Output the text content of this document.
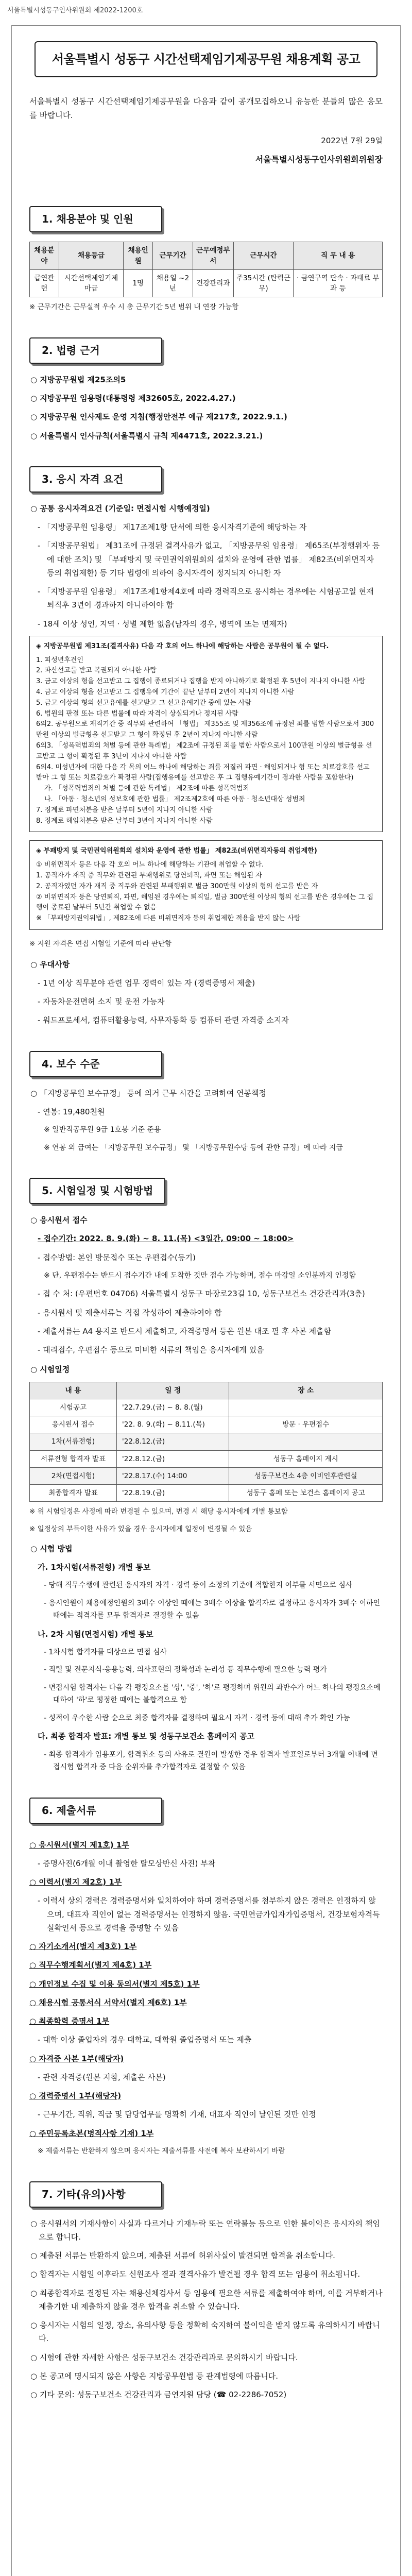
서울특별시성동구인사위원회 제2022-1200호
서울특별시 성동구 시간선택제임기제공무원 채용계획 공고

서울특별시 성동구 시간선택제임기제공무원을 다음과 같이 공개모집하오니 유능한 분들의 많은 응모를 바랍니다.

2022년 7월 29일

서울특별시성동구인사위원회위원장

1. 채용분야 및 인원
채용분야	채용등급	채용인원	근무기간	근무예정부서	근무시간	직 무 내 용
급연관련	시간선택제임기제 마급	1명	채용일 ~2년	건강관리과	주35시간 (탄력근무)	· 금연구역 단속 · 과태료 부과 등

※ 근무기간은 근무실적 우수 시 총 근무기간 5년 범위 내 연장 가능함

2. 법령 근거

○ 지방공무원법 제25조의5

○ 지방공무원 임용령(대통령령 제32605호, 2022.4.27.)

○ 지방공무원 인사제도 운영 지침(행정안전부 예규 제217호, 2022.9.1.)

○ 서울특별시 인사규칙(서울특별시 규칙 제4471호, 2022.3.21.)

3. 응시 자격 요건

○ 공통 응시자격요건 (기준일: 면접시험 시행예정일)

- 「지방공무원 임용령」 제17조제1항 단서에 의한 응시자격기준에 해당하는 자

- 「지방공무원법」 제31조에 규정된 결격사유가 없고, 「지방공무원 임용령」 제65조(부정행위자 등에 대한 조치) 및 「부패방지 및 국민권익위원회의 설치와 운영에 관한 법률」 제82조(비위면직자 등의 취업제한) 등 기타 법령에 의하여 응시자격이 정지되지 아니한 자

- 「지방공무원 임용령」 제17조제1항제4호에 따라 경력직으로 응시하는 경우에는 시험공고일 현재 퇴직후 3년이 경과하지 아니하여야 함

- 18세 이상 성인, 지역 · 성별 제한 없음(남자의 경우, 병역에 또는 면제자)

◈ 지방공무원법 제31조(결격사유) 다음 각 호의 어느 하나에 해당하는 사람은 공무원이 될 수 없다.
1. 피성년후견인
2. 파산선고를 받고 복권되지 아니한 사람
3. 금고 이상의 형을 선고받고 그 집행이 종료되거나 집행을 받지 아니하기로 확정된 후 5년이 지나지 아니한 사람
4. 금고 이상의 형을 선고받고 그 집행유예 기간이 끝난 날부터 2년이 지나지 아니한 사람
5. 금고 이상의 형의 선고유예를 선고받고 그 선고유예기간 중에 있는 사람
6. 법원의 판결 또는 다른 법률에 따라 자격이 상실되거나 정지된 사람
6의2. 공무원으로 재직기간 중 직무와 관련하여 「형법」 제355조 및 제356조에 규정된 죄를 범한 사람으로서 300만원 이상의 벌금형을 선고받고 그 형이 확정된 후 2년이 지나지 아니한 사람
6의3. 「성폭력범죄의 처벌 등에 관한 특례법」 제2조에 규정된 죄를 범한 사람으로서 100만원 이상의 벌금형을 선고받고 그 형이 확정된 후 3년이 지나지 아니한 사람
6의4. 미성년자에 대한 다음 각 목의 어느 하나에 해당하는 죄를 저질러 파면 · 해임되거나 형 또는 치료감호를 선고받아 그 형 또는 치료감호가 확정된 사람(집행유예를 선고받은 후 그 집행유예기간이 경과한 사람을 포함한다)
가. 「성폭력범죄의 처벌 등에 관한 특례법」 제2조에 따른 성폭력범죄
나. 「아동 · 청소년의 성보호에 관한 법률」 제2조제2호에 따른 아동 · 청소년대상 성범죄
7. 징계로 파면처분을 받은 날부터 5년이 지나지 아니한 사람
8. 징계로 해임처분을 받은 날부터 3년이 지나지 아니한 사람
◈ 부패방지 및 국민권익위원회의 설치와 운영에 관한 법률」 제82조(비위면직자등의 취업제한)
① 비위면직자 등은 다음 각 호의 어느 하나에 해당하는 기관에 취업할 수 없다.
1. 공직자가 재직 중 직무와 관련된 부패행위로 당연퇴직, 파면 또는 해임된 자
2. 공직자였던 자가 재직 중 직무와 관련된 부패행위로 벌금 300만원 이상의 형의 선고를 받은 자
② 비위면직자 등은 당연퇴직, 파면, 해임된 경우에는 퇴직일, 벌금 300만원 이상의 형의 선고를 받은 경우에는 그 집행이 종료된 날부터 5년간 취업할 수 없음
※ 「부패방지권익위법」, 제82조에 따른 비위면직자 등의 취업제한 적용을 받지 않는 사람

※ 지원 자격은 면접 시험일 기준에 따라 판단함

○ 우대사항

- 1년 이상 직무분야 관련 업무 경력이 있는 자 (경력증명서 제출)

- 자동차운전면허 소지 및 운전 가능자

- 워드프로세서, 컴퓨터활용능력, 사무자동화 등 컴퓨터 관련 자격증 소지자

4. 보수 수준

○ 「지방공무원 보수규정」 등에 의거 근무 시간을 고려하여 연봉책정

- 연봉: 19,480천원

※ 일반직공무원 9급 1호봉 기준 준용

※ 연봉 외 급여는 「지방공무원 보수규정」 및 「지방공무원수당 등에 관한 규정」에 따라 지급

5. 시험일정 및 시험방법

○ 응시원서 접수

- 접수기간: 2022. 8. 9.(화) ~ 8. 11.(목) <3일간, 09:00 ~ 18:00>

- 접수방법: 본인 방문접수 또는 우편접수(등기)

※ 단, 우편접수는 반드시 접수기간 내에 도착한 것만 접수 가능하며, 접수 마감일 소인분까지 인정함

- 접 수 처: (우편번호 04706) 서울특별시 성동구 마장로23길 10, 성동구보건소 건강관리과(3층)

- 응시원서 및 제출서류는 직접 작성하여 제출하여야 함

- 제출서류는 A4 용지로 반드시 제출하고, 자격증명서 등은 원본 대조 필 후 사본 제출함

- 대리접수, 우편접수 등으로 미비한 서류의 책임은 응시자에게 있음

○ 시험일정

내 용	일 정	장 소
시험공고	'22.7.29.(금) ~ 8. 8.(월)	
응시원서 접수	'22. 8. 9.(화) ~ 8.11.(목)	방문 · 우편접수
1차(서류전형)	'22.8.12.(금)	
서류전형 합격자 발표	'22.8.12.(금)	성동구 홈페이지 게시
2차(면접시험)	'22.8.17.(수) 14:00	성동구보건소 4층 이비인후관련실
최종합격자 발표	'22.8.19.(금)	성동구 홈페 또는 보건소 홈페이지 공고

※ 위 시험일정은 사정에 따라 변경될 수 있으며, 변경 시 해당 응시자에게 개별 통보함

※ 일정상의 부득이한 사유가 있을 경우 응시자에게 일정이 변경될 수 있음

○ 시험 방법

가. 1차시험(서류전형) 개별 통보

- 당해 직무수행에 관련된 응시자의 자격 · 경력 등이 소정의 기준에 적합한지 여부를 서면으로 심사

- 응시인원이 채용예정인원의 3배수 이상인 때에는 3배수 이상을 합격자로 결정하고 응시자가 3배수 이하인 때에는 적격자를 모두 합격자로 결정할 수 있음

나. 2차 시험(면접시험) 개별 통보

- 1차시험 합격자를 대상으로 면접 심사

- 직렬 및 전문지식·응용능력, 의사표현의 정확성과 논리성 등 직무수행에 필요한 능력 평가

- 면접시험 합격자는 다음 각 평정요소를 '상', '중', '하'로 평정하며 위원의 과반수가 어느 하나의 평정요소에 대하여 '하'로 평정한 때에는 불합격으로 함

- 성적이 우수한 사람 순으로 최종 합격자를 결정하며 필요시 자격 · 경력 등에 대해 추가 확인 가능

다. 최종 합격자 발표: 개별 통보 및 성동구보건소 홈페이지 공고

- 최종 합격자가 임용포기, 합격취소 등의 사유로 결원이 발생한 경우 합격자 발표일로부터 3개월 이내에 면접시험 합격자 중 다음 순위자를 추가합격자로 결정할 수 있음

6. 제출서류

○ 응시원서(별지 제1호) 1부

- 증명사진(6개월 이내 촬영한 탈모상반신 사진) 부착

○ 이력서(별지 제2호) 1부

- 이력서 상의 경력은 경력증명서와 일치하여야 하며 경력증명서를 첨부하지 않은 경력은 인정하지 않으며, 대표자 직인이 없는 경력증명서는 인정하지 않음. 국민연금가입자가입증명서, 건강보험자격득실확인서 등으로 경력을 증명할 수 있음

○ 자기소개서(별지 제3호) 1부

○ 직무수행계획서(별지 제4호) 1부

○ 개인정보 수집 및 이용 동의서(별지 제5호) 1부

○ 채용시험 공통서식 서약서(별지 제6호) 1부

○ 최종학력 증명서 1부

- 대학 이상 졸업자의 경우 대학교, 대학원 졸업증명서 또는 제출

○ 자격증 사본 1부(해당자)

- 관련 자격증(원본 지참, 제출은 사본)

○ 경력증명서 1부(해당자)

- 근무기간, 직위, 직급 및 담당업무를 명확히 기재, 대표자 직인이 날인된 것만 인정

○ 주민등록초본(병적사항 기재) 1부

※ 제출서류는 반환하지 않으며 응시자는 제출서류를 사전에 복사 보관하시기 바람

7. 기타(유의)사항

○ 응시원서의 기재사항이 사실과 다르거나 기재누락 또는 연락불능 등으로 인한 불이익은 응시자의 책임으로 합니다.

○ 제출된 서류는 반환하지 않으며, 제출된 서류에 허위사실이 발견되면 합격을 취소합니다.

○ 합격자는 시험일 이후라도 신원조사 결과 결격사유가 발견될 경우 합격 또는 임용이 취소됩니다.

○ 최종합격자로 결정된 자는 채용신체검사서 등 임용에 필요한 서류를 제출하여야 하며, 이를 거부하거나 제출기한 내 제출하지 않을 경우 합격을 취소할 수 있습니다.

○ 응시자는 시험의 일정, 장소, 유의사항 등을 정확히 숙지하여 불이익을 받지 않도록 유의하시기 바랍니다.

○ 시험에 관한 자세한 사항은 성동구보건소 건강관리과로 문의하시기 바랍니다.

○ 본 공고에 명시되지 않은 사항은 지방공무원법 등 관계법령에 따릅니다.

○ 기타 문의: 성동구보건소 건강관리과 금연지원 담당 (☎ 02-2286-7052)
